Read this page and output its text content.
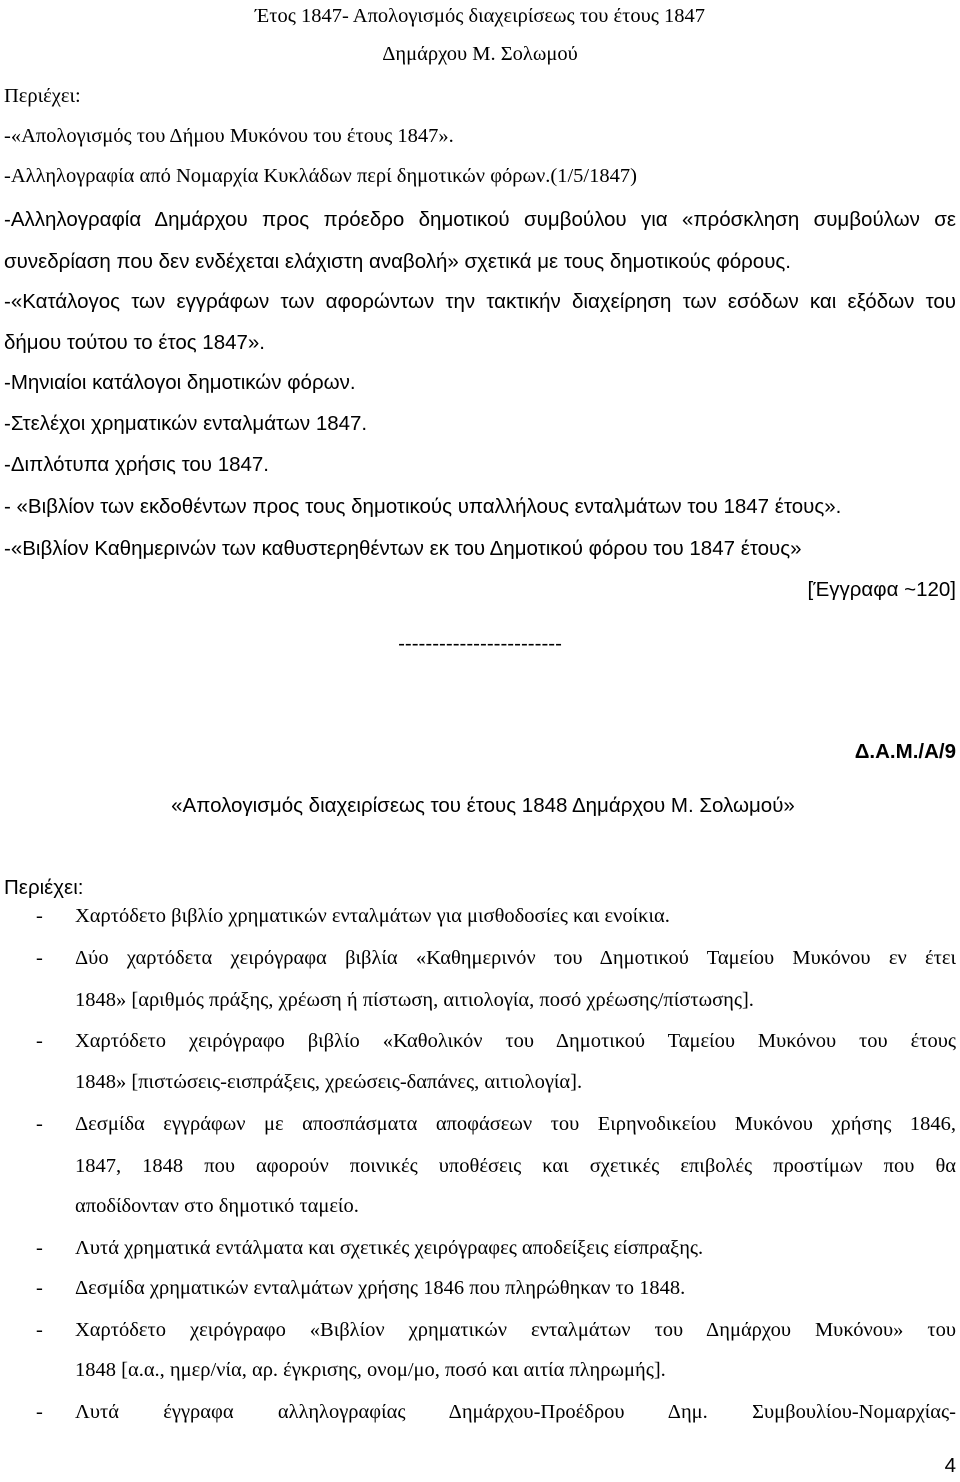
Έτος 1847- Απολογισμός διαχειρίσεως του έτους 1847
Δημάρχου Μ. Σολωμού
Περιέχει:
-«Απολογισμός του Δήμου Μυκόνου του έτους 1847».
-Αλληλογραφία από Νομαρχία Κυκλάδων περί δημοτικών φόρων.(1/5/1847)
-Αλληλογραφία Δημάρχου προς πρόεδρο δημοτικού συμβούλου για «πρόσκληση συμβούλων σε
συνεδρίαση που δεν ενδέχεται ελάχιστη αναβολή» σχετικά με τους δημοτικούς φόρους.
-«Κατάλογος των εγγράφων των αφορώντων την τακτικήν διαχείρηση των εσόδων και εξόδων του
δήμου τούτου το έτος 1847».
-Μηνιαίοι κατάλογοι δημοτικών φόρων.
-Στελέχοι χρηματικών ενταλμάτων 1847.
-Διπλότυπα χρήσις του 1847.
- «Βιβλίον των εκδοθέντων προς τους δημοτικούς υπαλλήλους ενταλμάτων του 1847 έτους».
-«Βιβλίον Καθημερινών των καθυστερηθέντων εκ του Δημοτικού φόρου του 1847 έτους»
[Έγγραφα ~120]
------------------------
Δ.Α.Μ./Α/9
«Απολογισμός διαχειρίσεως του έτους 1848 Δημάρχου Μ. Σολωμού»
Περιέχει:
-	Χαρτόδετο βιβλίο χρηματικών ενταλμάτων για μισθοδοσίες και ενοίκια.
-	Δύο χαρτόδετα χειρόγραφα βιβλία «Καθημερινόν του Δημοτικού Ταμείου Μυκόνου εν έτει
1848» [αριθμός πράξης, χρέωση ή πίστωση, αιτιολογία, ποσό χρέωσης/πίστωσης].
-	Χαρτόδετο χειρόγραφο βιβλίο «Καθολικόν του Δημοτικού Ταμείου Μυκόνου του έτους
1848» [πιστώσεις-εισπράξεις, χρεώσεις-δαπάνες, αιτιολογία].
-	Δεσμίδα εγγράφων με αποσπάσματα αποφάσεων του Ειρηνοδικείου Μυκόνου χρήσης 1846,
1847, 1848 που αφορούν ποινικές υποθέσεις και σχετικές επιβολές προστίμων που θα
αποδίδονταν στο δημοτικό ταμείο.
-	Λυτά χρηματικά εντάλματα και σχετικές χειρόγραφες αποδείξεις είσπραξης.
-	Δεσμίδα χρηματικών ενταλμάτων χρήσης 1846 που πληρώθηκαν το 1848.
-	Χαρτόδετο χειρόγραφο «Βιβλίον χρηματικών ενταλμάτων του Δημάρχου Μυκόνου» του
1848 [α.α., ημερ/νία, αρ. έγκρισης, ονομ/μο, ποσό και αιτία πληρωμής].
-	Λυτά έγγραφα αλληλογραφίας Δημάρχου-Προέδρου Δημ. Συμβουλίου-Νομαρχίας-
4
